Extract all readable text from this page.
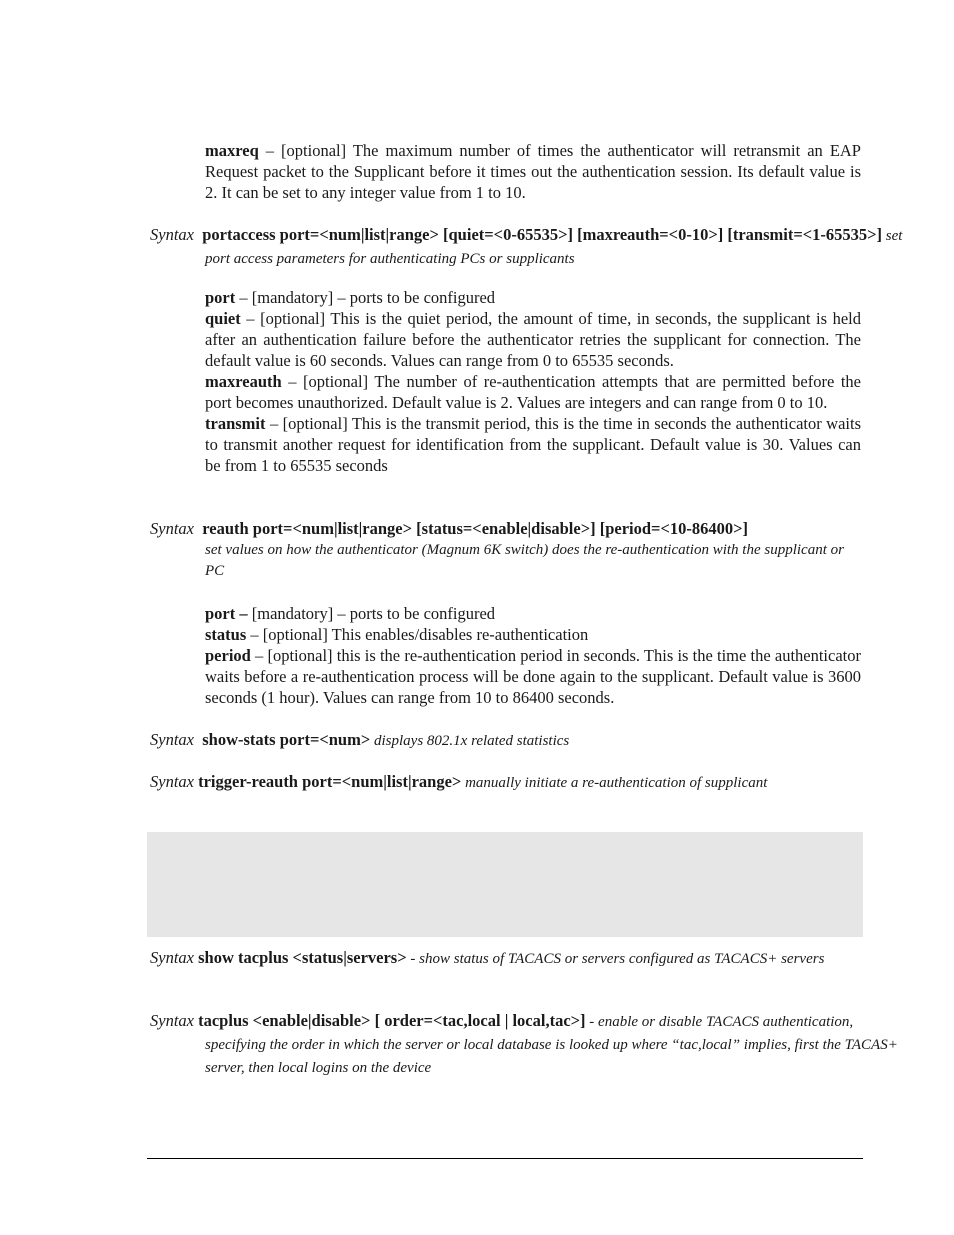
maxreq – [optional] The maximum number of times the authenticator will retransmit an EAP Request packet to the Supplicant before it times out the authentication session. Its default value is 2. It can be set to any integer value from 1 to 10.
Syntax portaccess port=<num|list|range> [quiet=<0-65535>] [maxreauth=<0-10>] [transmit=<1-65535>] set port access parameters for authenticating PCs or supplicants
port – [mandatory] – ports to be configured
quiet – [optional] This is the quiet period, the amount of time, in seconds, the supplicant is held after an authentication failure before the authenticator retries the supplicant for connection. The default value is 60 seconds. Values can range from 0 to 65535 seconds.
maxreauth – [optional] The number of re-authentication attempts that are permitted before the port becomes unauthorized. Default value is 2. Values are integers and can range from 0 to 10.
transmit – [optional] This is the transmit period, this is the time in seconds the authenticator waits to transmit another request for identification from the supplicant. Default value is 30. Values can be from 1 to 65535 seconds
Syntax reauth port=<num|list|range> [status=<enable|disable>] [period=<10-86400>]
set values on how the authenticator (Magnum 6K switch) does the re-authentication with the supplicant or PC
port – [mandatory] – ports to be configured
status – [optional] This enables/disables re-authentication
period – [optional] this is the re-authentication period in seconds. This is the time the authenticator waits before a re-authentication process will be done again to the supplicant. Default value is 3600 seconds (1 hour). Values can range from 10 to 86400 seconds.
Syntax show-stats port=<num> displays 802.1x related statistics
Syntax trigger-reauth port=<num|list|range> manually initiate a re-authentication of supplicant
Syntax show tacplus <status|servers> - show status of TACACS or servers configured as TACACS+ servers
Syntax tacplus <enable|disable> [ order=<tac,local | local,tac>] - enable or disable TACACS authentication, specifying the order in which the server or local database is looked up where “tac,local” implies, first the TACAS+ server, then local logins on the device
